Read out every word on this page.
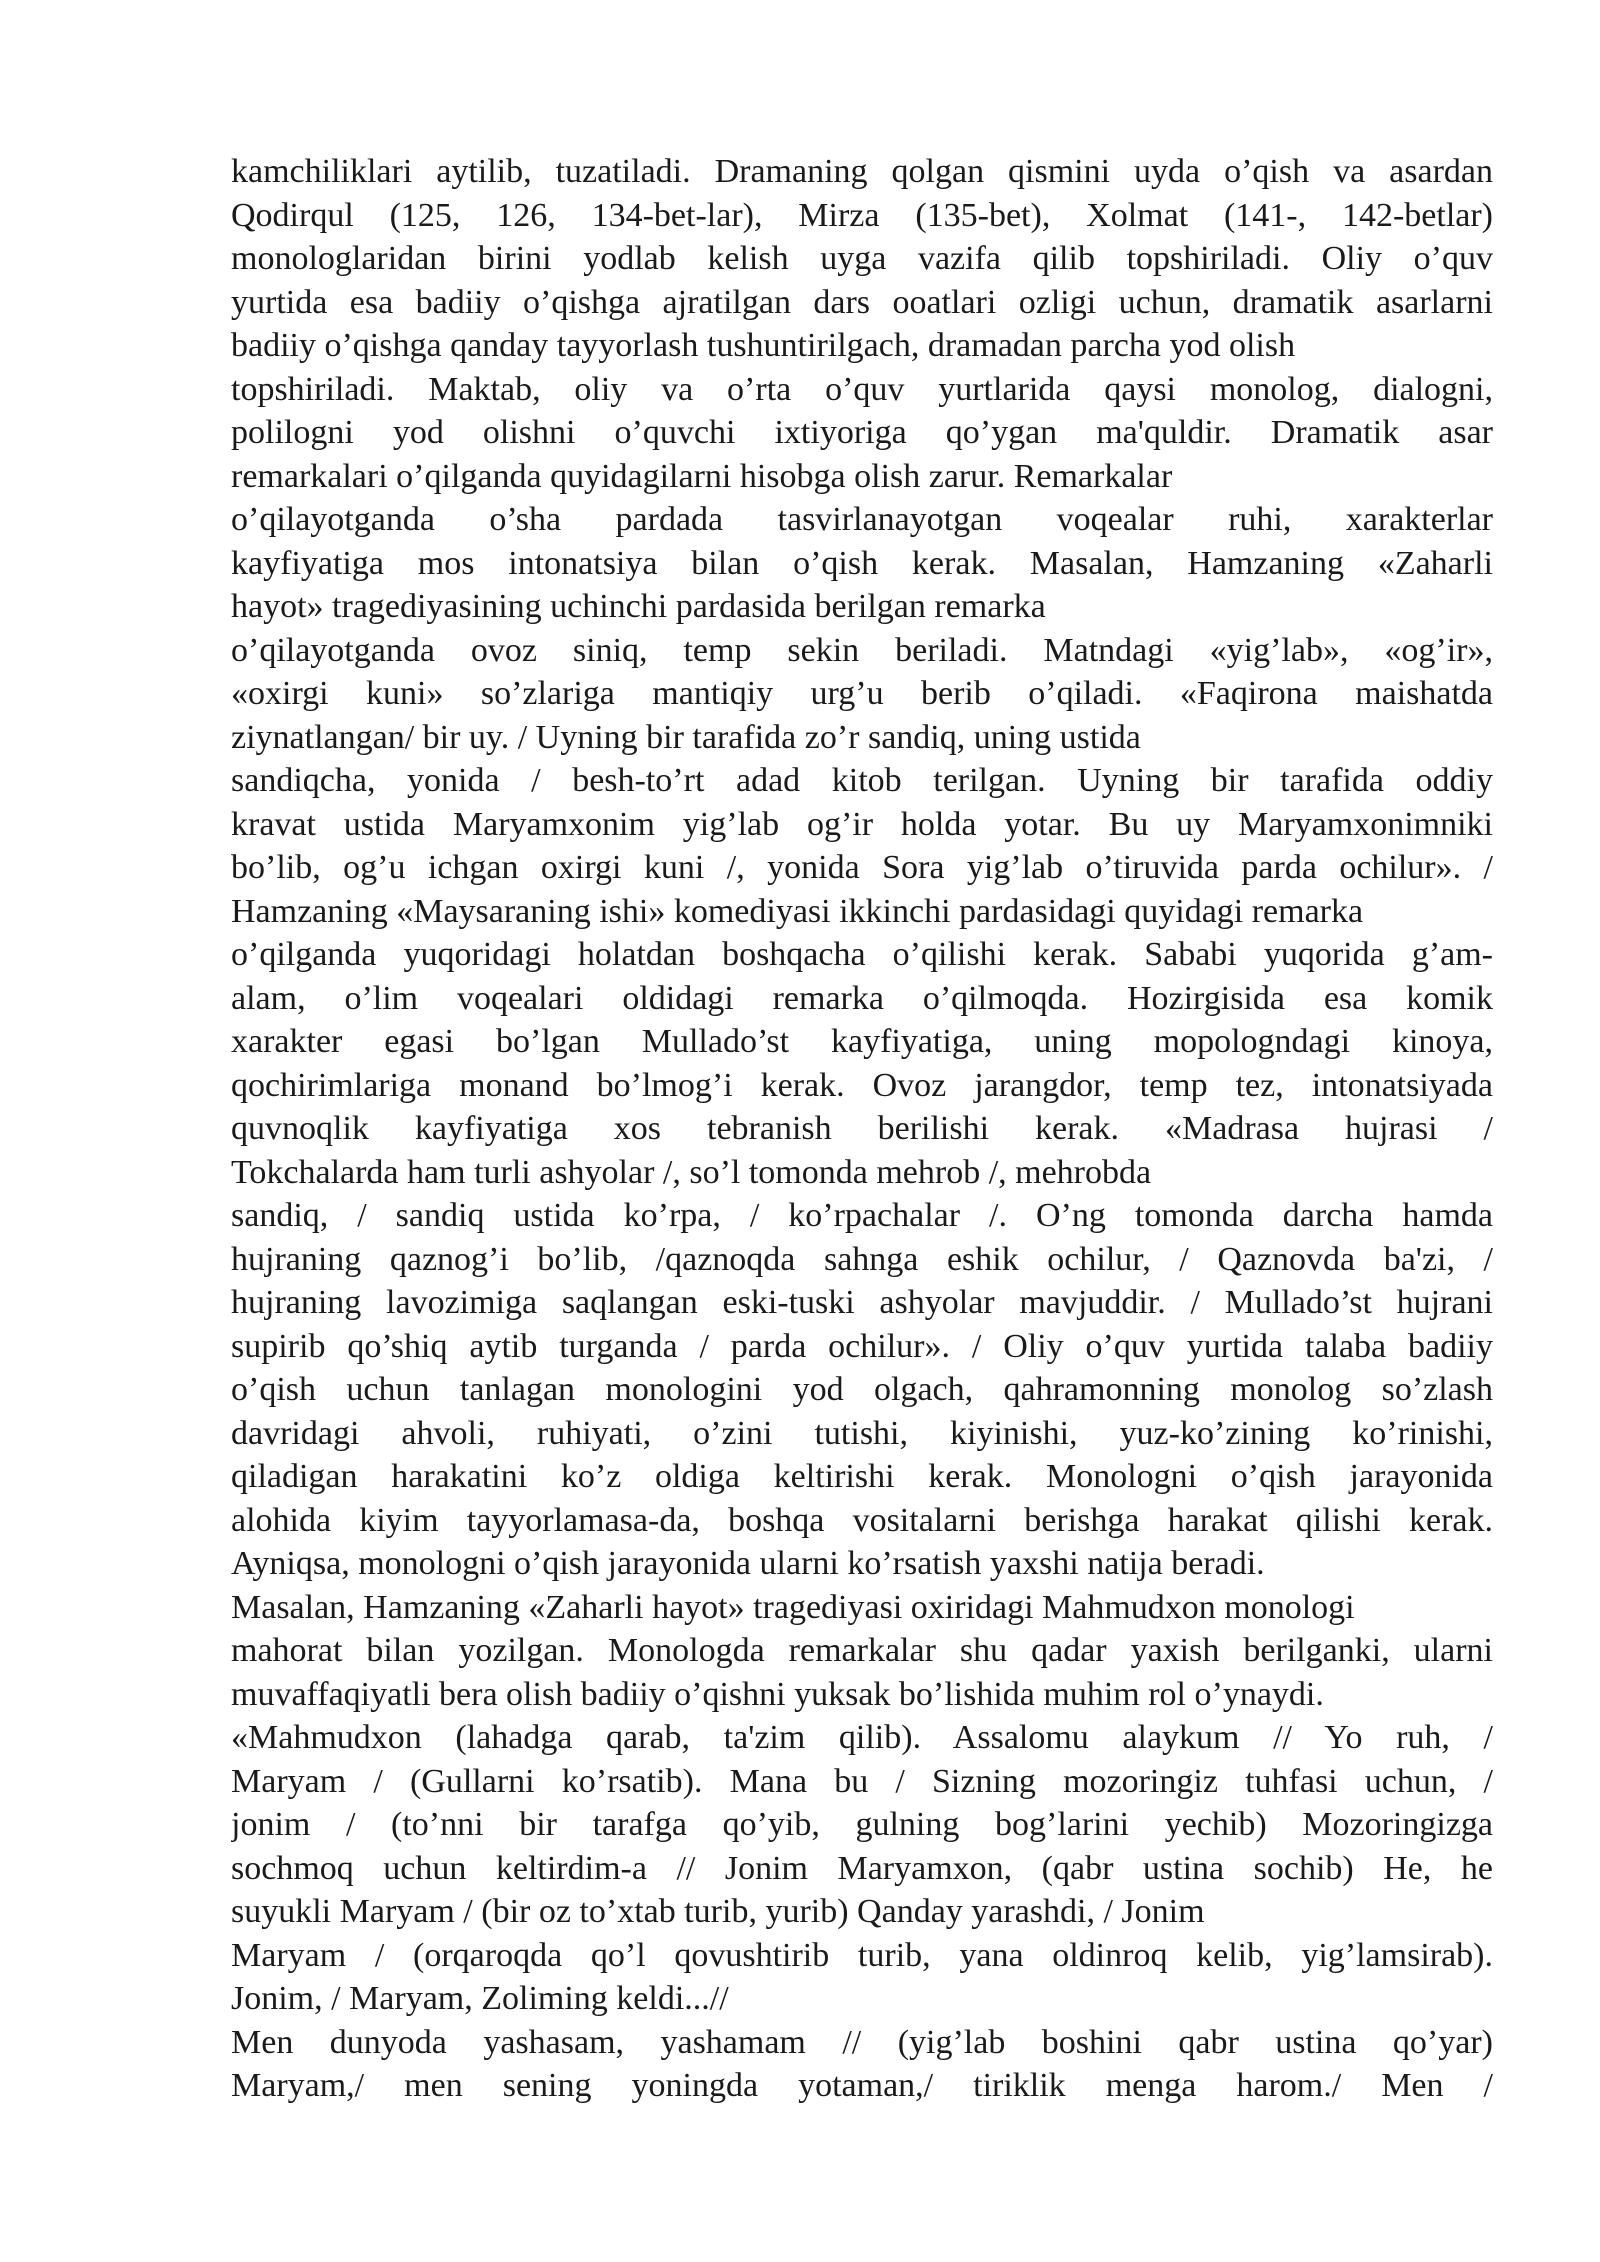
kamchiliklari aytilib, tuzatiladi. Dramaning qolgan qismini uyda o’qish va asardan
Qodirqul (125, 126, 134-bet-lar), Mirza (135-bet), Xolmat (141-, 142-betlar)
monologlaridan birini yodlab kelish uyga vazifa qilib topshiriladi. Oliy o’quv
yurtida esa badiiy o’qishga ajratilgan dars ooatlari ozligi uchun, dramatik asarlarni
badiiy o’qishga qanday tayyorlash tushuntirilgach, dramadan parcha yod olish
topshiriladi. Maktab, oliy va o’rta o’quv yurtlarida qaysi monolog, dialogni,
polilogni yod olishni o’quvchi ixtiyoriga qo’ygan ma'quldir. Dramatik asar
remarkalari o’qilganda quyidagilarni hisobga olish zarur. Remarkalar
o’qilayotganda o’sha pardada tasvirlanayotgan voqealar ruhi, xarakterlar
kayfiyatiga mos intonatsiya bilan o’qish kerak. Masalan, Hamzaning «Zaharli
hayot» tragediyasining uchinchi pardasida berilgan remarka
o’qilayotganda ovoz siniq, temp sekin beriladi. Matndagi «yig’lab», «og’ir»,
«oxirgi kuni» so’zlariga mantiqiy urg’u berib o’qiladi. «Faqirona maishatda
ziynatlangan/ bir uy. / Uyning bir tarafida zo’r sandiq, uning ustida
sandiqcha, yonida / besh-to’rt adad kitob terilgan. Uyning bir tarafida oddiy
kravat ustida Maryamxonim yig’lab og’ir holda yotar. Bu uy Maryamxonimniki
bo’lib, og’u ichgan oxirgi kuni /, yonida Sora yig’lab o’tiruvida parda ochilur». /
Hamzaning «Maysaraning ishi» komediyasi ikkinchi pardasidagi quyidagi remarka
o’qilganda yuqoridagi holatdan boshqacha o’qilishi kerak. Sababi yuqorida g’am-
alam, o’lim voqealari oldidagi remarka o’qilmoqda. Hozirgisida esa komik
xarakter egasi bo’lgan Mullado’st kayfiyatiga, uning mopologndagi kinoya,
qochirimlariga monand bo’lmog’i kerak. Ovoz jarangdor, temp tez, intonatsiyada
quvnoqlik kayfiyatiga xos tebranish berilishi kerak. «Madrasa hujrasi /
Tokchalarda ham turli ashyolar /, so’l tomonda mehrob /, mehrobda
sandiq, / sandiq ustida ko’rpa, / ko’rpachalar /. O’ng tomonda darcha hamda
hujraning qaznog’i bo’lib, /qaznoqda sahnga eshik ochilur, / Qaznovda ba'zi, /
hujraning lavozimiga saqlangan eski-tuski ashyolar mavjuddir. / Mullado’st hujrani
supirib qo’shiq aytib turganda / parda ochilur». / Oliy o’quv yurtida talaba badiiy
o’qish uchun tanlagan monologini yod olgach, qahramonning monolog so’zlash
davridagi ahvoli, ruhiyati, o’zini tutishi, kiyinishi, yuz-ko’zining ko’rinishi,
qiladigan harakatini ko’z oldiga keltirishi kerak. Monologni o’qish jarayonida
alohida kiyim tayyorlamasa-da, boshqa vositalarni berishga harakat qilishi kerak.
Ayniqsa, monologni o’qish jarayonida ularni ko’rsatish yaxshi natija beradi.
Masalan, Hamzaning «Zaharli hayot» tragediyasi oxiridagi Mahmudxon monologi
mahorat bilan yozilgan. Monologda remarkalar shu qadar yaxish berilganki, ularni
muvaffaqiyatli bera olish badiiy o’qishni yuksak bo’lishida muhim rol o’ynaydi.
«Mahmudxon (lahadga qarab, ta'zim qilib). Assalomu alaykum // Yo ruh, /
Maryam / (Gullarni ko’rsatib). Mana bu / Sizning mozoringiz tuhfasi uchun, /
jonim / (to’nni bir tarafga qo’yib, gulning bog’larini yechib) Mozoringizga
sochmoq uchun keltirdim-a // Jonim Maryamxon, (qabr ustina sochib) He, he
suyukli Maryam / (bir oz to’xtab turib, yurib) Qanday yarashdi, / Jonim
Maryam / (orqaroqda qo’l qovushtirib turib, yana oldinroq kelib, yig’lamsirab).
Jonim, / Maryam, Zoliming keldi...//
Men dunyoda yashasam, yashamam // (yig’lab boshini qabr ustina qo’yar)
Maryam,/ men sening yoningda yotaman,/ tiriklik menga harom./ Men /
